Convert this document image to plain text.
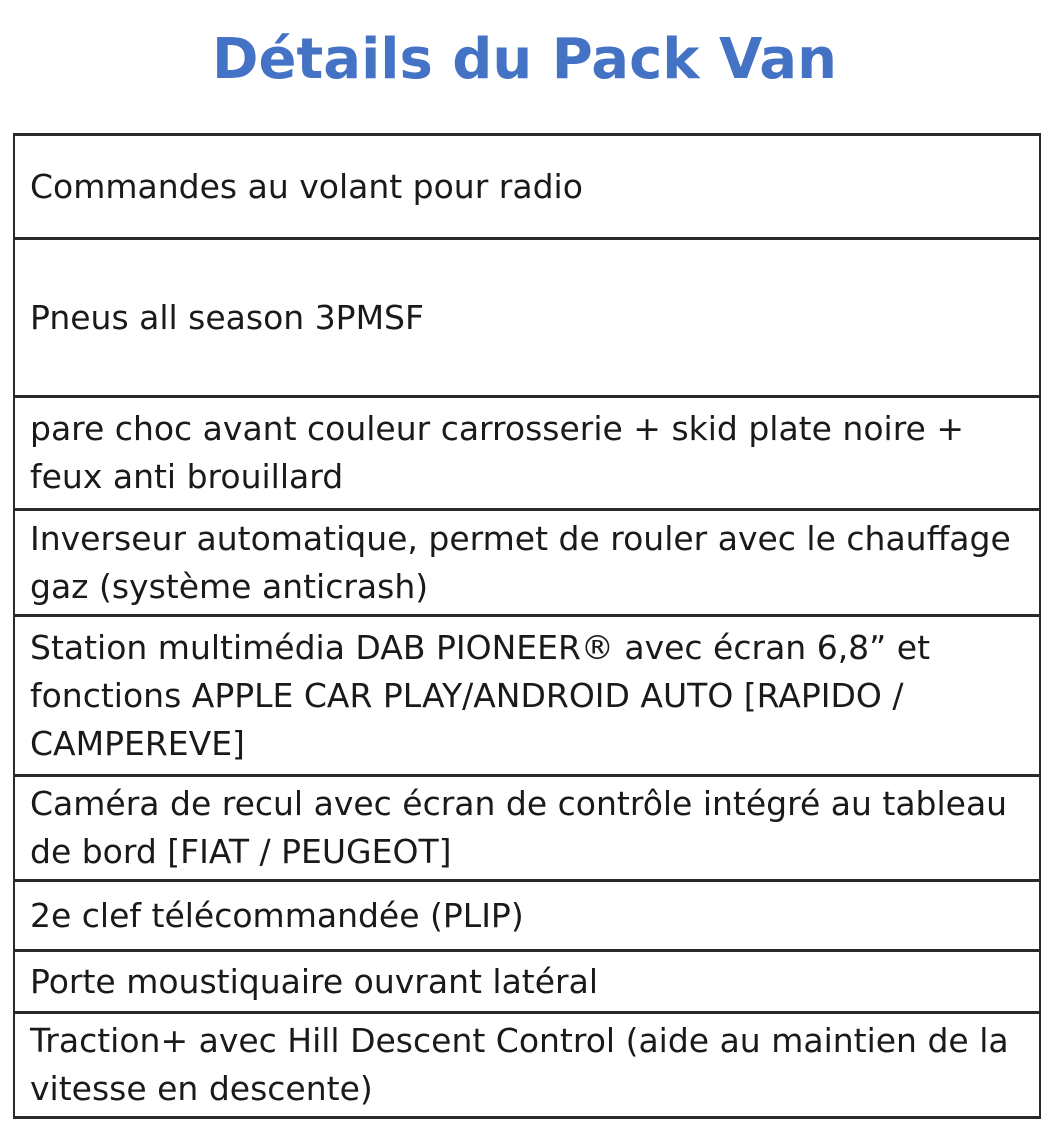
Détails du Pack Van
Commandes au volant pour radio
Pneus all season 3PMSF
pare choc avant couleur carrosserie + skid plate noire + feux anti brouillard
Inverseur automatique, permet de rouler avec le chauffage gaz (système anticrash)
Station multimédia DAB PIONEER® avec écran 6,8” et fonctions APPLE CAR PLAY/ANDROID AUTO [RAPIDO / CAMPEREVE]
Caméra de recul avec écran de contrôle intégré au tableau de bord [FIAT / PEUGEOT]
2e clef télécommandée (PLIP)
Porte moustiquaire ouvrant latéral
Traction+ avec Hill Descent Control (aide au maintien de la vitesse en descente)
